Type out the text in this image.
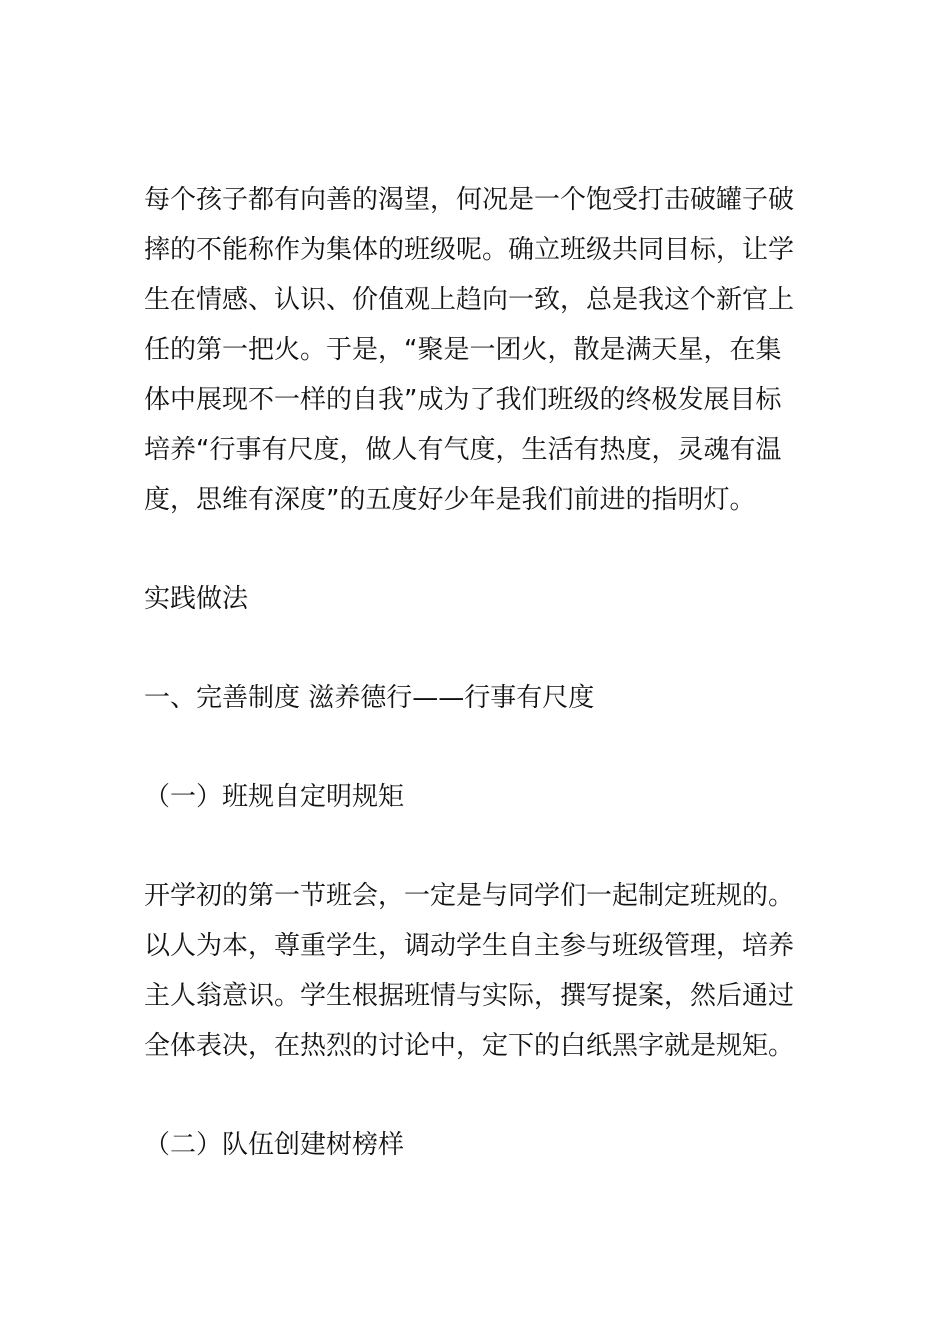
每个孩子都有向善的渴望，何况是一个饱受打击破罐子破
摔的不能称作为集体的班级呢。确立班级共同目标，让学
生在情感、认识、价值观上趋向一致，总是我这个新官上
任的第一把火。于是，“聚是一团火，散是满天星，在集
体中展现不一样的自我”成为了我们班级的终极发展目标
培养“行事有尺度，做人有气度，生活有热度，灵魂有温
度，思维有深度”的五度好少年是我们前进的指明灯。
实践做法
一、完善制度 滋养德行——行事有尺度
（一）班规自定明规矩
开学初的第一节班会，一定是与同学们一起制定班规的。
以人为本，尊重学生，调动学生自主参与班级管理，培养
主人翁意识。学生根据班情与实际，撰写提案，然后通过
全体表决，在热烈的讨论中，定下的白纸黑字就是规矩。
（二）队伍创建树榜样
